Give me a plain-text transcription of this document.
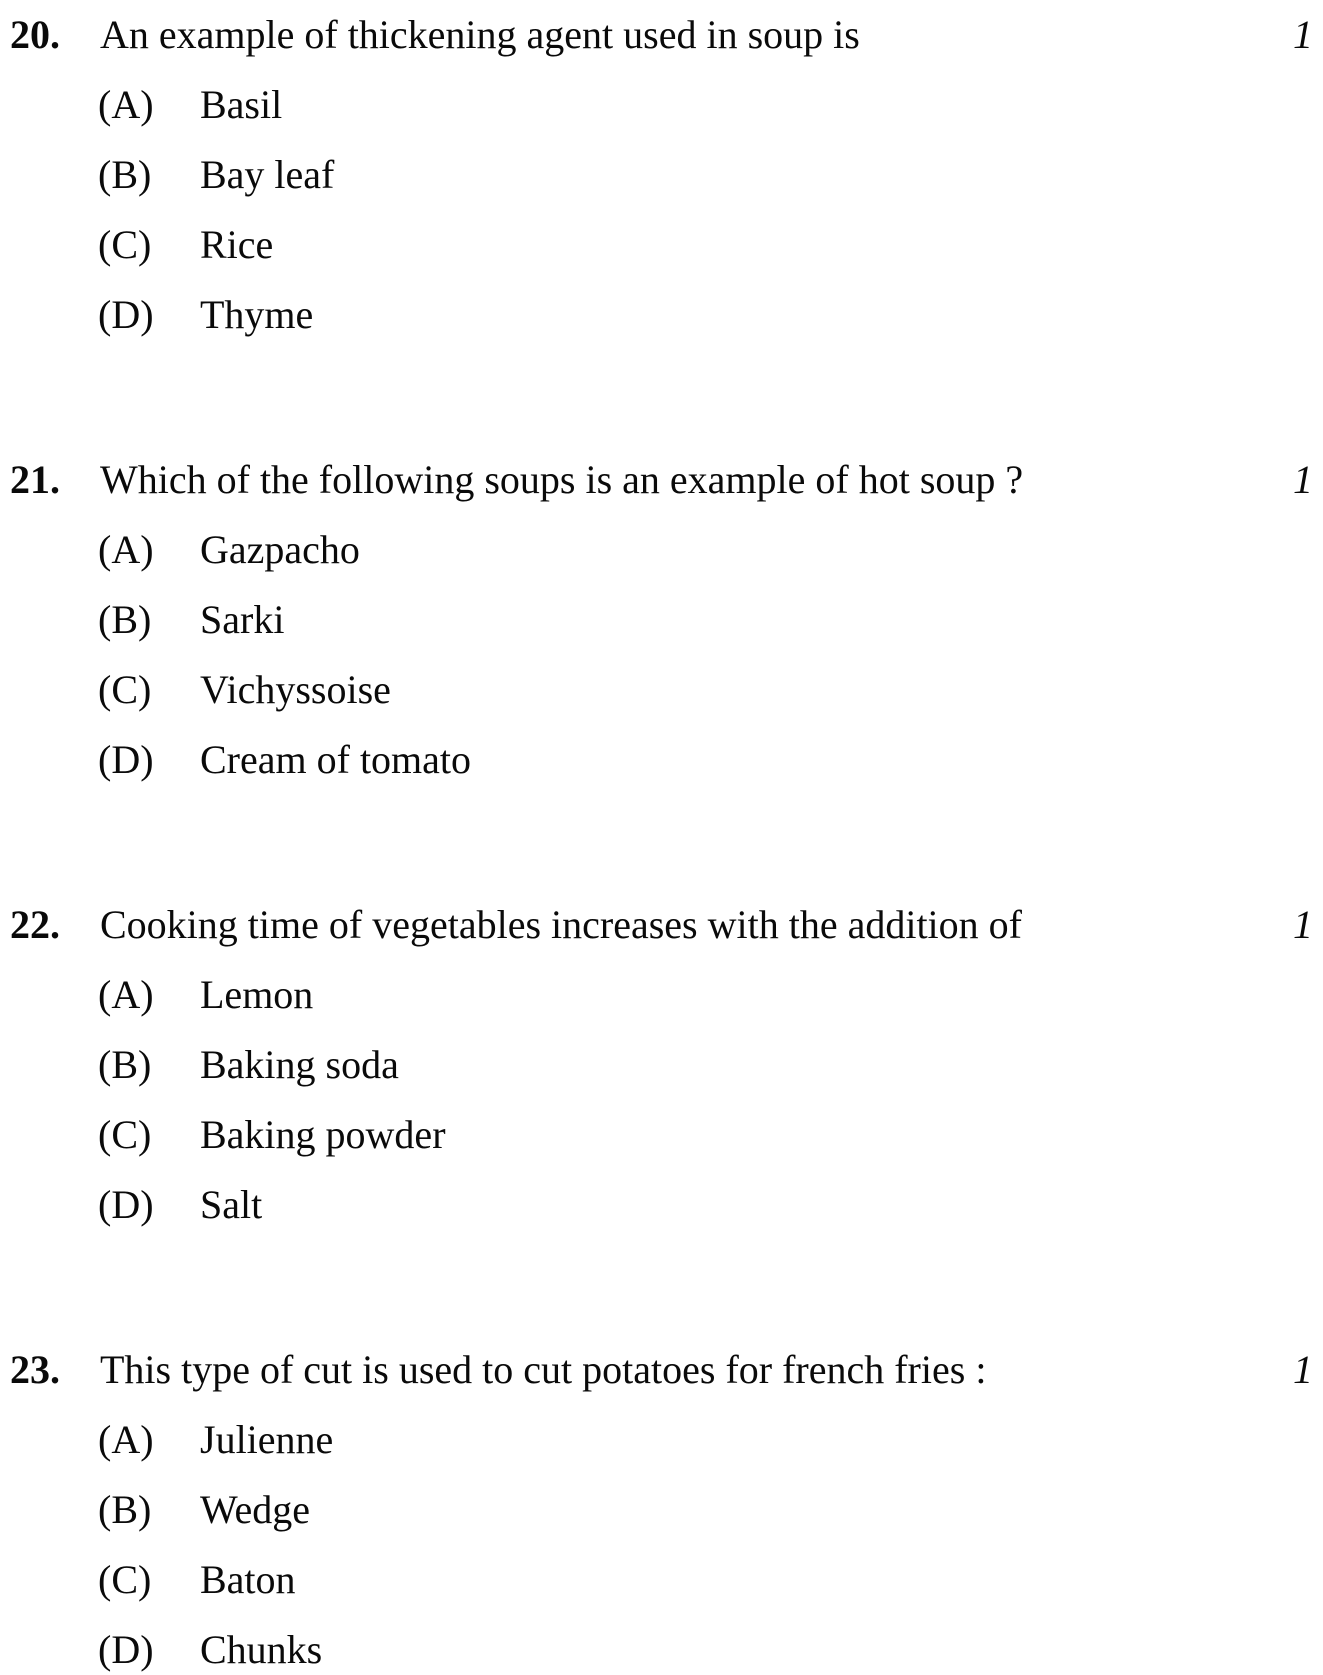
20.	An example of thickening agent used in soup is	1
(A)	Basil
(B)	Bay leaf
(C)	Rice
(D)	Thyme
21.	Which of the following soups is an example of hot soup ?	1
(A)	Gazpacho
(B)	Sarki
(C)	Vichyssoise
(D)	Cream of tomato
22.	Cooking time of vegetables increases with the addition of	1
(A)	Lemon
(B)	Baking soda
(C)	Baking powder
(D)	Salt
23.	This type of cut is used to cut potatoes for french fries :	1
(A)	Julienne
(B)	Wedge
(C)	Baton
(D)	Chunks
